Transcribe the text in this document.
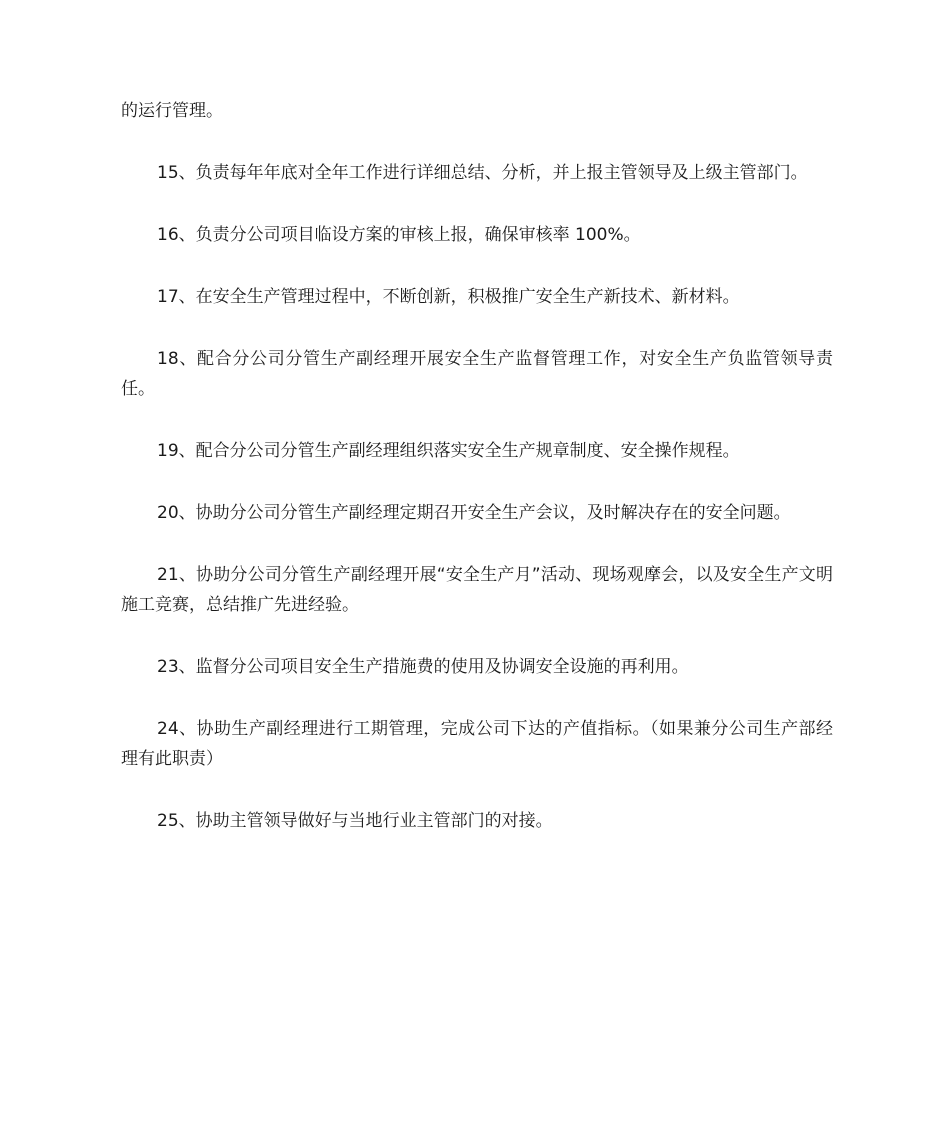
的运行管理。

15、负责每年年底对全年工作进行详细总结、分析，并上报主管领导及上级主管部门。

16、负责分公司项目临设方案的审核上报，确保审核率 100%。

17、在安全生产管理过程中，不断创新，积极推广安全生产新技术、新材料。

18、配合分公司分管生产副经理开展安全生产监督管理工作，对安全生产负监管领导责任。

19、配合分公司分管生产副经理组织落实安全生产规章制度、安全操作规程。

20、协助分公司分管生产副经理定期召开安全生产会议，及时解决存在的安全问题。

21、协助分公司分管生产副经理开展“安全生产月”活动、现场观摩会，以及安全生产文明施工竞赛，总结推广先进经验。

23、监督分公司项目安全生产措施费的使用及协调安全设施的再利用。

24、协助生产副经理进行工期管理，完成公司下达的产值指标。（如果兼分公司生产部经理有此职责）

25、协助主管领导做好与当地行业主管部门的对接。
